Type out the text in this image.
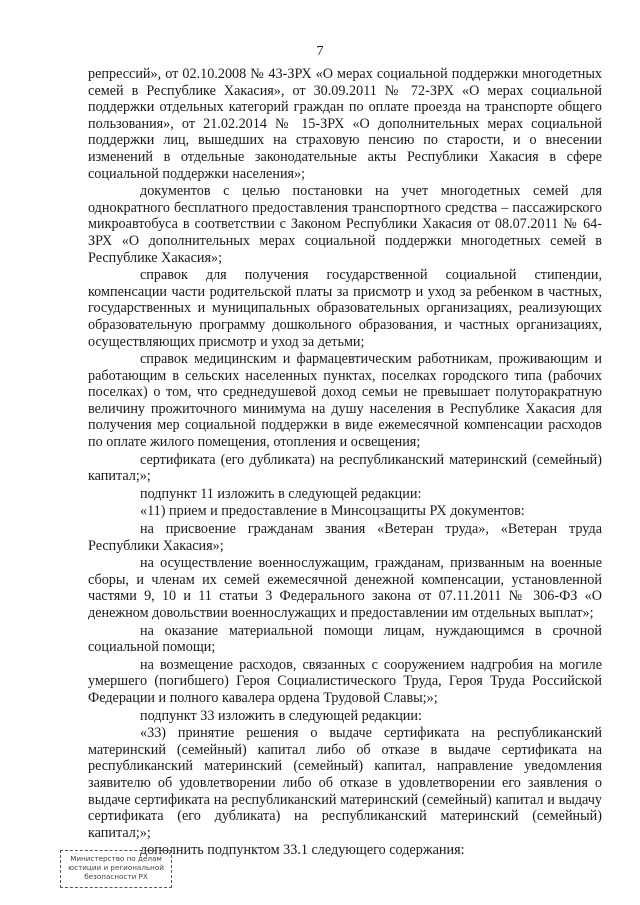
7

репрессий», от 02.10.2008 № 43-ЗРХ «О мерах социальной поддержки многодетных семей в Республике Хакасия», от 30.09.2011 № 72-ЗРХ «О мерах социальной поддержки отдельных категорий граждан по оплате проезда на транспорте общего пользования», от 21.02.2014 № 15-ЗРХ «О дополнительных мерах социальной поддержки лиц, вышедших на страховую пенсию по старости, и о внесении изменений в отдельные законодательные акты Республики Хакасия в сфере социальной поддержки населения»;

документов с целью постановки на учет многодетных семей для однократного бесплатного предоставления транспортного средства – пассажирского микроавтобуса в соответствии с Законом Республики Хакасия от 08.07.2011 № 64-ЗРХ «О дополнительных мерах социальной поддержки многодетных семей в Республике Хакасия»;

справок для получения государственной социальной стипендии, компенсации части родительской платы за присмотр и уход за ребенком в частных, государственных и муниципальных образовательных организациях, реализующих образовательную программу дошкольного образования, и частных организациях, осуществляющих присмотр и уход за детьми;

справок медицинским и фармацевтическим работникам, проживающим и работающим в сельских населенных пунктах, поселках городского типа (рабочих поселках) о том, что среднедушевой доход семьи не превышает полуторакратную величину прожиточного минимума на душу населения в Республике Хакасия для получения мер социальной поддержки в виде ежемесячной компенсации расходов по оплате жилого помещения, отопления и освещения;

сертификата (его дубликата) на республиканский материнский (семейный) капитал;»;

подпункт 11 изложить в следующей редакции:

«11) прием и предоставление в Минсоцзащиты РХ документов:

на присвоение гражданам звания «Ветеран труда», «Ветеран труда Республики Хакасия»;

на осуществление военнослужащим, гражданам, призванным на военные сборы, и членам их семей ежемесячной денежной компенсации, установленной частями 9, 10 и 11 статьи 3 Федерального закона от 07.11.2011 № 306-ФЗ «О денежном довольствии военнослужащих и предоставлении им отдельных выплат»;

на оказание материальной помощи лицам, нуждающимся в срочной социальной помощи;

на возмещение расходов, связанных с сооружением надгробия на могиле умершего (погибшего) Героя Социалистического Труда, Героя Труда Российской Федерации и полного кавалера ордена Трудовой Славы;»;

подпункт 33 изложить в следующей редакции:

«33) принятие решения о выдаче сертификата на республиканский материнский (семейный) капитал либо об отказе в выдаче сертификата на республиканский материнский (семейный) капитал, направление уведомления заявителю об удовлетворении либо об отказе в удовлетворении его заявления о выдаче сертификата на республиканский материнский (семейный) капитал и выдачу сертификата (его дубликата) на республиканский материнский (семейный) капитал;»;

дополнить подпунктом 33.1 следующего содержания:

Министерство по делам
юстиции и региональной
безопасности РХ
